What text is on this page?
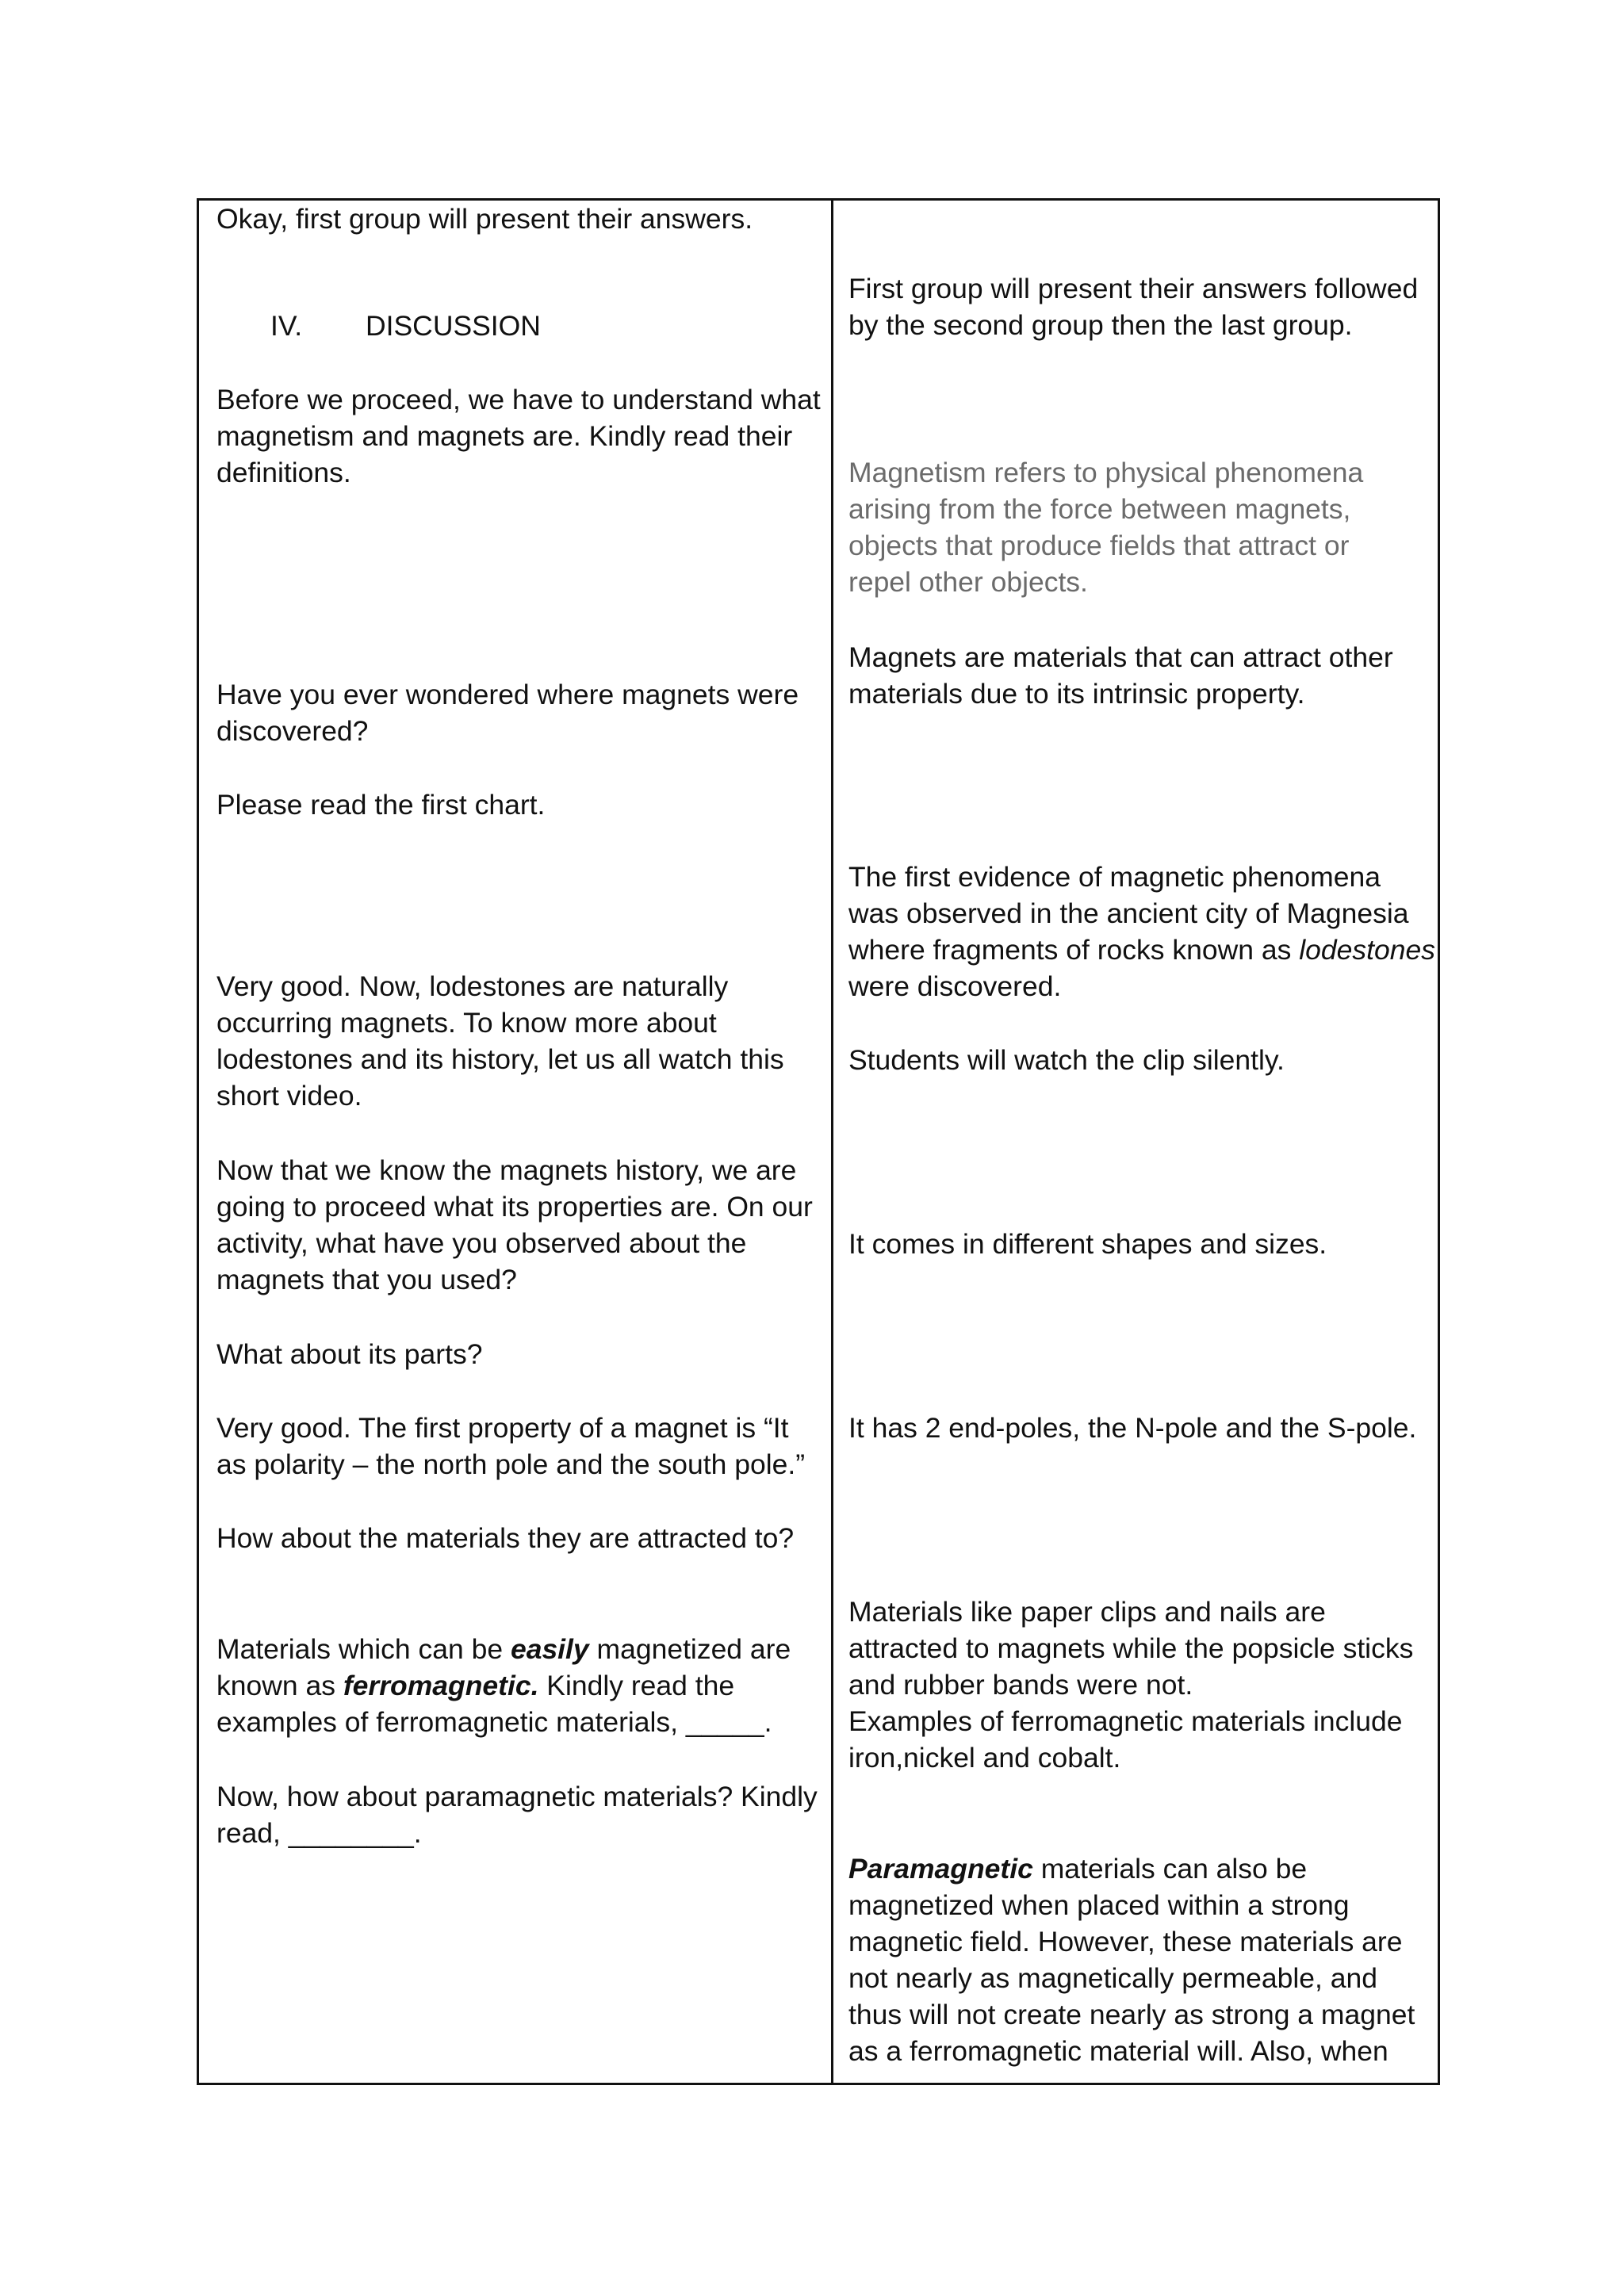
Okay, first group will present their answers.

IV. DISCUSSION

Before we proceed, we have to understand what

magnetism and magnets are. Kindly read their

definitions.

Have you ever wondered where magnets were

discovered?

Please read the first chart.

Very good. Now, lodestones are naturally

occurring magnets. To know more about

lodestones and its history, let us all watch this

short video.

Now that we know the magnets history, we are

going to proceed what its properties are. On our

activity, what have you observed about the

magnets that you used?

What about its parts?

Very good. The first property of a magnet is “It

as polarity – the north pole and the south pole.”

How about the materials they are attracted to?

Materials which can be easily magnetized are

known as ferromagnetic. Kindly read the

examples of ferromagnetic materials, _____.

Now, how about paramagnetic materials? Kindly

read, ________.

First group will present their answers followed

by the second group then the last group.

Magnetism refers to physical phenomena

arising from the force between magnets,

objects that produce fields that attract or

repel other objects.

Magnets are materials that can attract other

materials due to its intrinsic property.

The first evidence of magnetic phenomena

was observed in the ancient city of Magnesia

where fragments of rocks known as lodestones

were discovered.

Students will watch the clip silently.

It comes in different shapes and sizes.

It has 2 end-poles, the N-pole and the S-pole.

Materials like paper clips and nails are

attracted to magnets while the popsicle sticks

and rubber bands were not.

Examples of ferromagnetic materials include

iron,nickel and cobalt.

Paramagnetic materials can also be

magnetized when placed within a strong

magnetic field. However, these materials are

not nearly as magnetically permeable, and

thus will not create nearly as strong a magnet

as a ferromagnetic material will. Also, when
